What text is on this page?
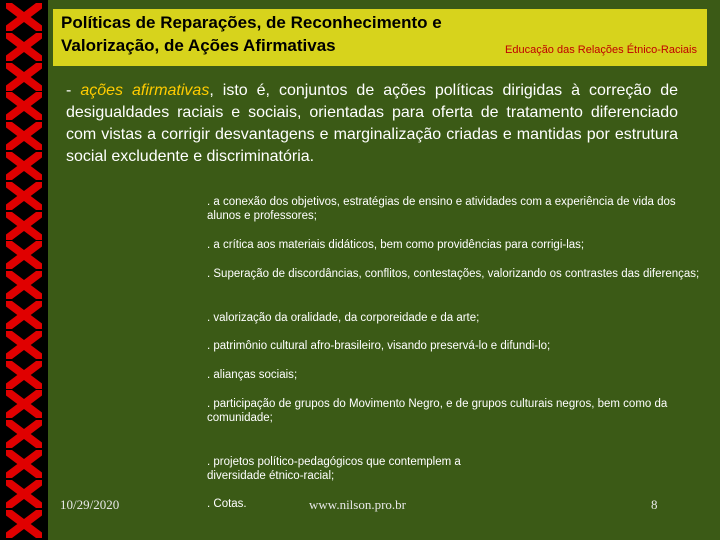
Políticas de Reparações, de Reconhecimento e
Valorização, de Ações Afirmativas	Educação das Relações Étnico-Raciais
- ações afirmativas, isto é, conjuntos de ações políticas dirigidas à correção de desigualdades raciais e sociais, orientadas para oferta de tratamento diferenciado com vistas a corrigir desvantagens e marginalização criadas e mantidas por estrutura social excludente e discriminatória.
. a conexão dos objetivos, estratégias de ensino e atividades com a experiência de vida dos alunos e professores;
. a crítica aos materiais didáticos, bem como providências para corrigi-las;
. Superação de discordâncias, conflitos, contestações, valorizando os contrastes das diferenças;
. valorização da oralidade, da corporeidade e da arte;
. patrimônio cultural afro-brasileiro, visando preservá-lo e difundi-lo;
. alianças sociais;
. participação de grupos do Movimento Negro, e de grupos culturais negros, bem como da comunidade;
. projetos político-pedagógicos que contemplem a diversidade étnico-racial;
. Cotas.
10/29/2020	www.nilson.pro.br	8
